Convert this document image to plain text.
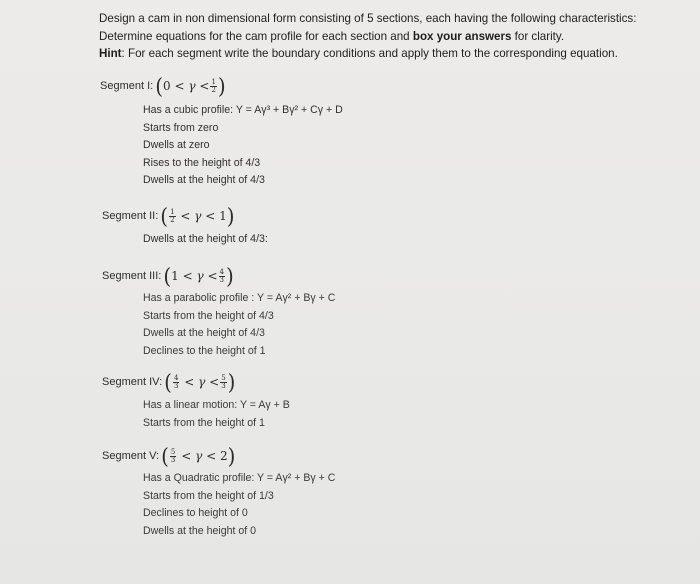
Design a cam in non dimensional form consisting of 5 sections, each having the following characteristics:

Determine equations for the cam profile for each section and box your answers for clarity.

Hint: For each segment write the boundary conditions and apply them to the corresponding equation.

Segment I: ( 0
<
γ
< $\frac{1}{2}$ )
Has a cubic profile: Y = Aγ³ + Bγ² + Cγ + D
Starts from zero
Dwells at zero
Rises to the height of 4/3
Dwells at the height of 4/3
Segment II: ( $\frac{1}{2}$
<
γ
<
1 )
Dwells at the height of 4/3:
Segment III: ( 1
<
γ
< $\frac{4}{3}$ )
Has a parabolic profile : Y = Aγ² + Bγ + C
Starts from the height of 4/3
Dwells at the height of 4/3
Declines to the height of 1
Segment IV: ( $\frac{4}{3}$
<
γ
< $\frac{5}{3}$ )
Has a linear motion: Y = Aγ + B
Starts from the height of 1
Segment V: ( $\frac{5}{3}$
<
γ
<
2 )
Has a Quadratic profile: Y = Aγ² + Bγ + C
Starts from the height of 1/3
Declines to height of 0
Dwells at the height of 0
